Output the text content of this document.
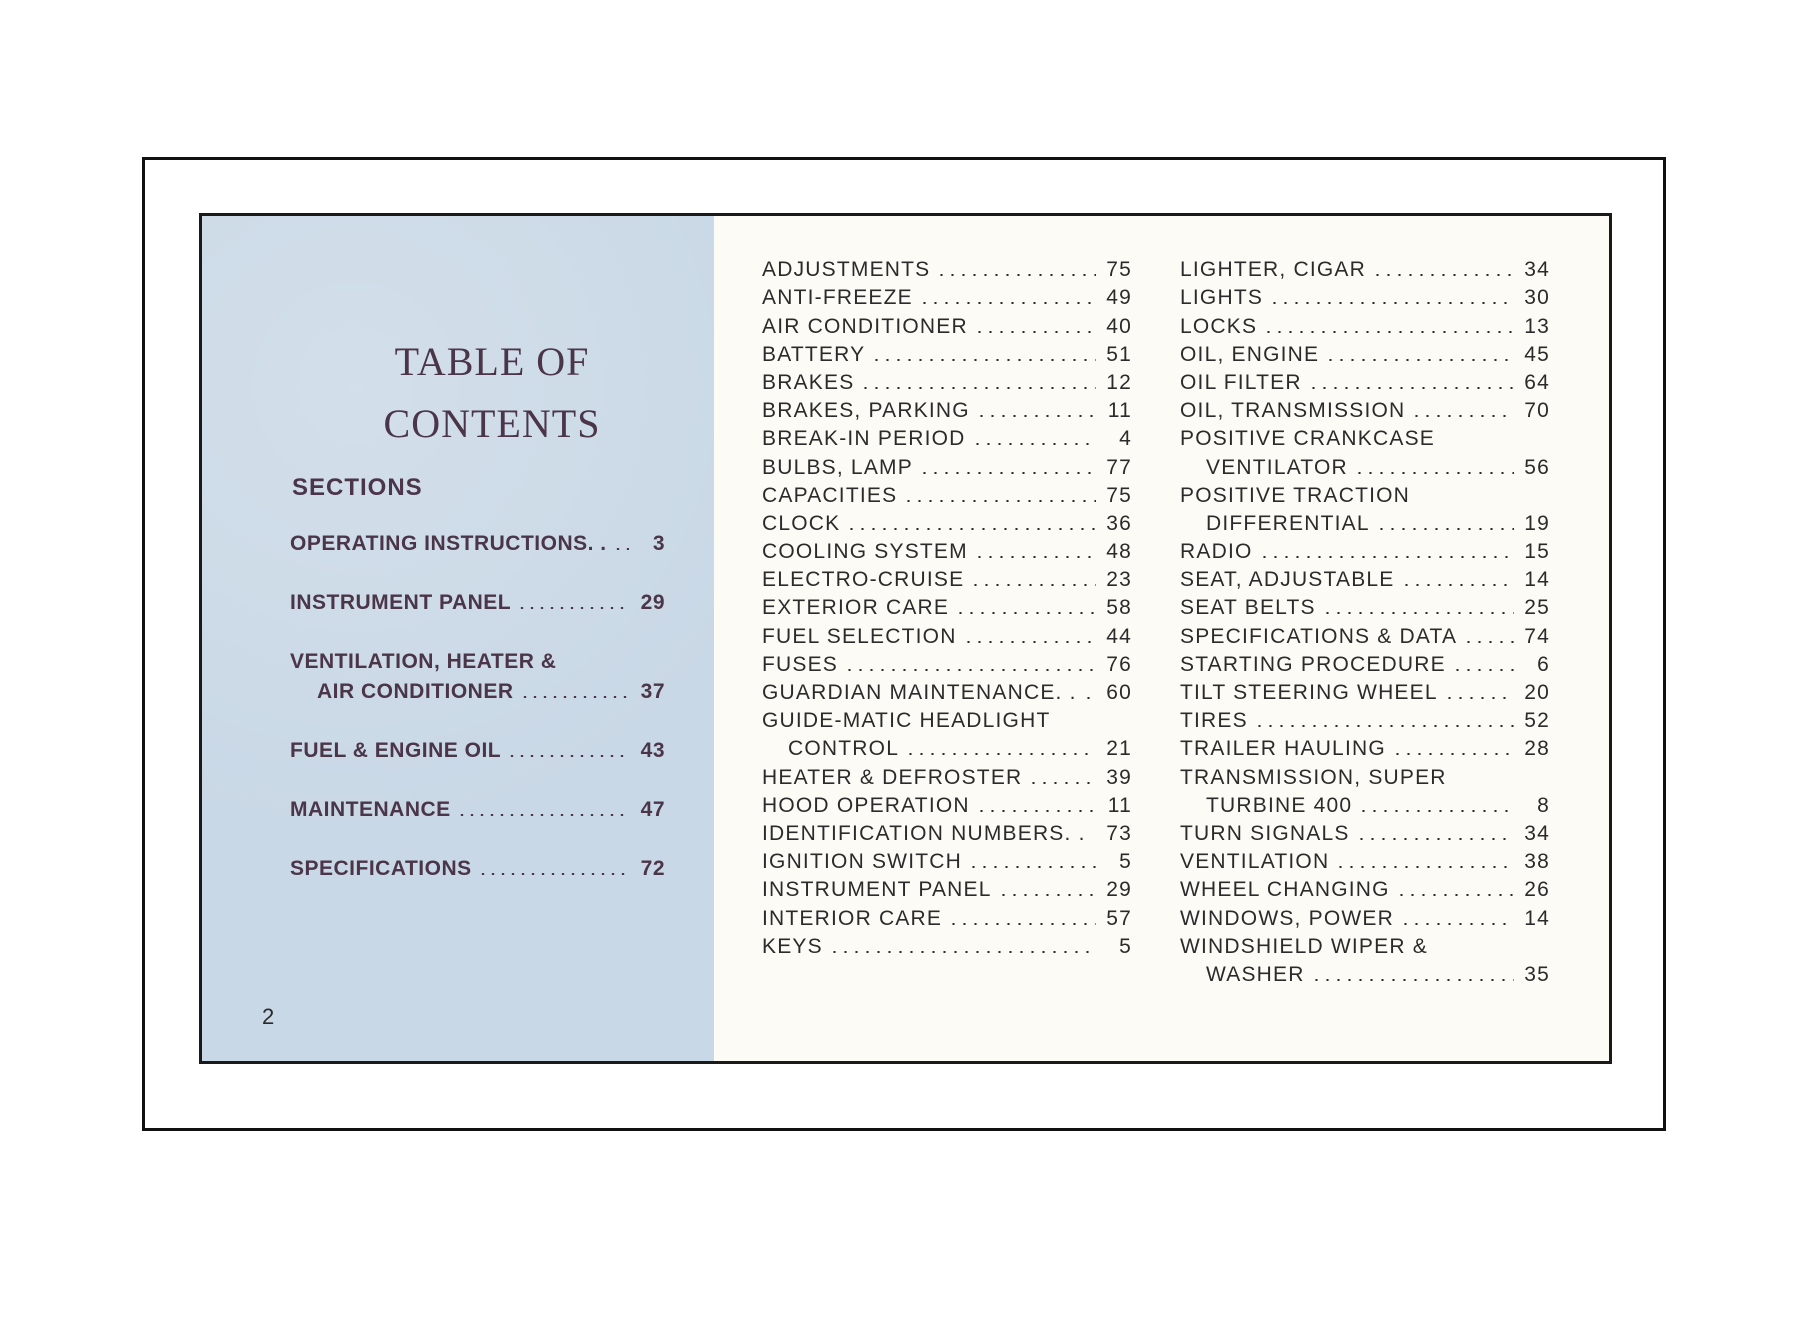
TABLE OF
CONTENTS
SECTIONS
OPERATING INSTRUCTIONS. .	3
INSTRUMENT PANEL	29
VENTILATION, HEATER &
AIR CONDITIONER	37
FUEL & ENGINE OIL	43
MAINTENANCE	47
SPECIFICATIONS	72
2
ADJUSTMENTS	75
ANTI-FREEZE	49
AIR CONDITIONER	40
BATTERY	51
BRAKES	12
BRAKES, PARKING	11
BREAK-IN PERIOD	4
BULBS, LAMP	77
CAPACITIES	75
CLOCK	36
COOLING SYSTEM	48
ELECTRO-CRUISE	23
EXTERIOR CARE	58
FUEL SELECTION	44
FUSES	76
GUARDIAN MAINTENANCE. . 60
GUIDE-MATIC HEADLIGHT
CONTROL	21
HEATER & DEFROSTER	39
HOOD OPERATION	11
IDENTIFICATION NUMBERS. . 73
IGNITION SWITCH	5
INSTRUMENT PANEL	29
INTERIOR CARE	57
KEYS	5
LIGHTER, CIGAR	34
LIGHTS	30
LOCKS	13
OIL, ENGINE	45
OIL FILTER	64
OIL, TRANSMISSION	70
POSITIVE CRANKCASE
VENTILATOR	56
POSITIVE TRACTION
DIFFERENTIAL	19
RADIO	15
SEAT, ADJUSTABLE	14
SEAT BELTS	25
SPECIFICATIONS & DATA	74
STARTING PROCEDURE	6
TILT STEERING WHEEL	20
TIRES	52
TRAILER HAULING	28
TRANSMISSION, SUPER
TURBINE 400	8
TURN SIGNALS	34
VENTILATION	38
WHEEL CHANGING	26
WINDOWS, POWER	14
WINDSHIELD WIPER &
WASHER	35
